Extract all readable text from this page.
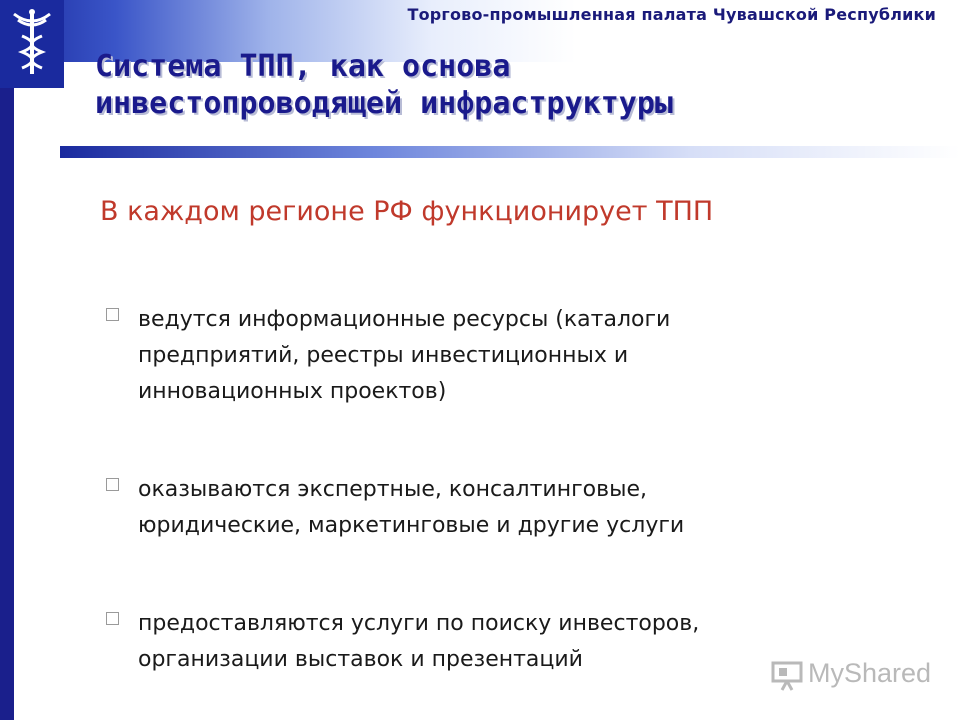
Торгово-промышленная палата Чувашской Республики
Система ТПП, как основа
инвестопроводящей инфраструктуры
В каждом регионе РФ функционирует ТПП
ведутся информационные ресурсы (каталоги
предприятий, реестры инвестиционных и
инновационных проектов)
оказываются экспертные, консалтинговые,
юридические, маркетинговые и другие услуги
предоставляются услуги по поиску инвесторов,
организации выставок и презентаций	MyShared
